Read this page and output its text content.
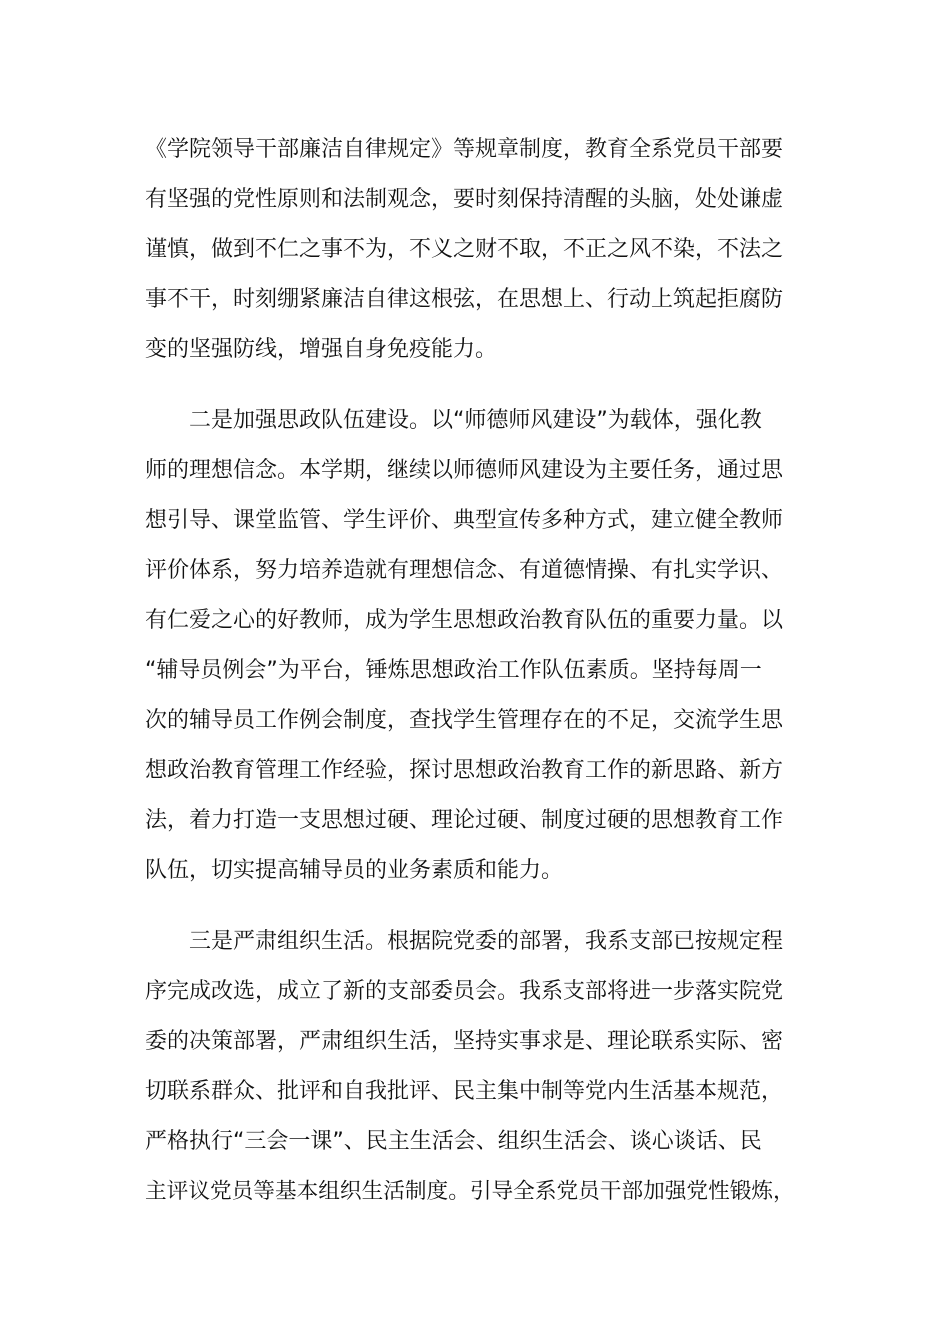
《学院领导干部廉洁自律规定》等规章制度，教育全系党员干部要
有坚强的党性原则和法制观念，要时刻保持清醒的头脑，处处谦虚
谨慎，做到不仁之事不为，不义之财不取，不正之风不染，不法之
事不干，时刻绷紧廉洁自律这根弦，在思想上、行动上筑起拒腐防
变的坚强防线，增强自身免疫能力。
二是加强思政队伍建设。以“师德师风建设”为载体，强化教
师的理想信念。本学期，继续以师德师风建设为主要任务，通过思
想引导、课堂监管、学生评价、典型宣传多种方式，建立健全教师
评价体系，努力培养造就有理想信念、有道德情操、有扎实学识、
有仁爱之心的好教师，成为学生思想政治教育队伍的重要力量。以
“辅导员例会”为平台，锤炼思想政治工作队伍素质。坚持每周一
次的辅导员工作例会制度，查找学生管理存在的不足，交流学生思
想政治教育管理工作经验，探讨思想政治教育工作的新思路、新方
法，着力打造一支思想过硬、理论过硬、制度过硬的思想教育工作
队伍，切实提高辅导员的业务素质和能力。
三是严肃组织生活。根据院党委的部署，我系支部已按规定程
序完成改选，成立了新的支部委员会。我系支部将进一步落实院党
委的决策部署，严肃组织生活，坚持实事求是、理论联系实际、密
切联系群众、批评和自我批评、民主集中制等党内生活基本规范，
严格执行“三会一课”、民主生活会、组织生活会、谈心谈话、民
主评议党员等基本组织生活制度。引导全系党员干部加强党性锻炼，
